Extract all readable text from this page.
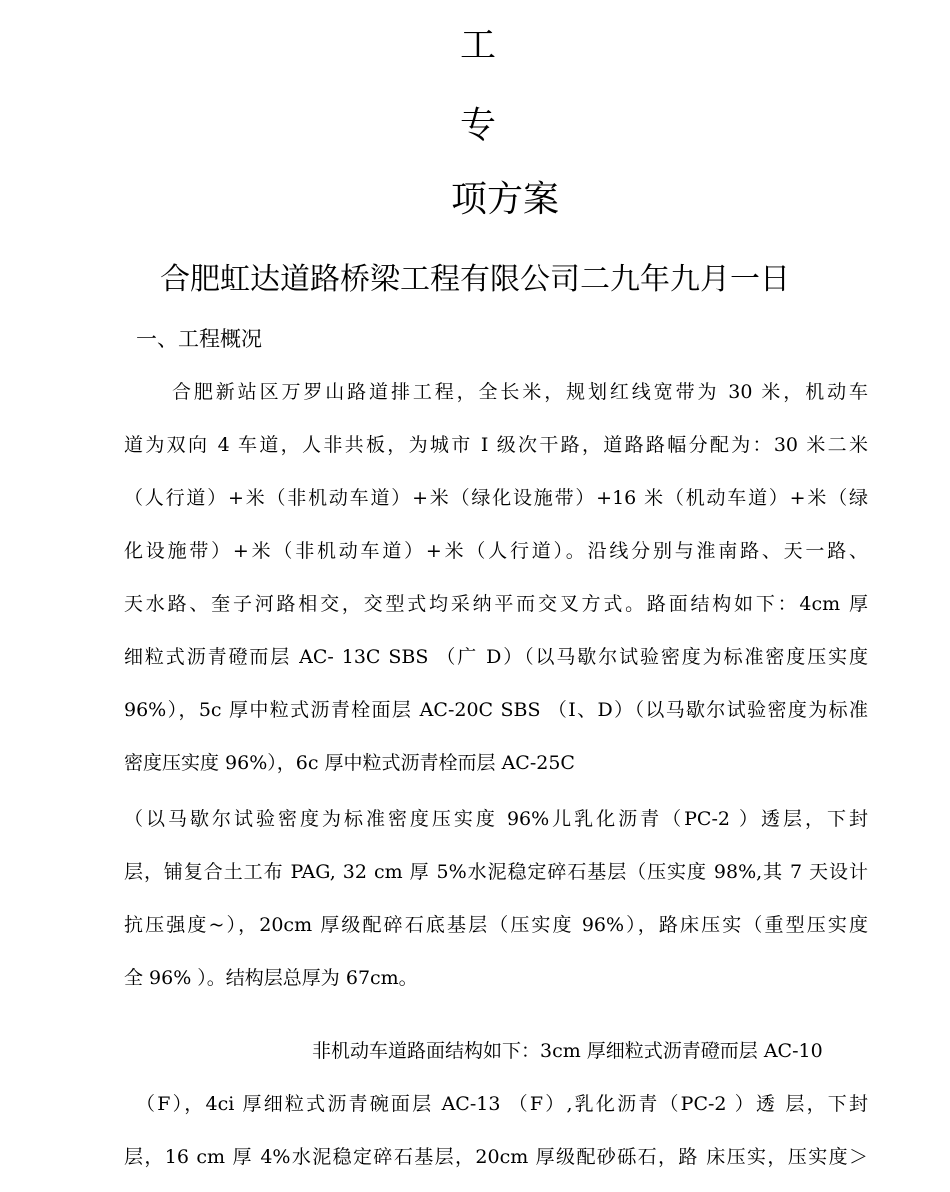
工
专
项方案
合肥虹达道路桥梁工程有限公司二九年九月一日
一、工程概况
合肥新站区万罗山路道排工程，全长米，规划红线宽带为 30 米，机动车
道为双向 4 车道，人非共板，为城市 I 级次干路，道路路幅分配为：30 米二米
（人行道）+米（非机动车道）+米（绿化设施带）+16 米（机动车道）+米（绿
化设施带）+米（非机动车道）+米（人行道）。沿线分别与淮南路、天一路、
天水路、奎子河路相交，交型式均采纳平而交叉方式。路面结构如下：4cm 厚
细粒式沥青磴而层 AC- 13C SBS （广 D）（以马歇尔试验密度为标准密度压实度
96%），5c 厚中粒式沥青栓面层 AC-20C SBS （I、D）（以马歇尔试验密度为标准
密度压实度 96%），6c 厚中粒式沥青栓而层 AC-25C
（以马歇尔试验密度为标准密度压实度 96%儿乳化沥青（PC-2 ）透层，下封
层，铺复合土工布 PAG, 32 cm 厚 5%水泥稳定碎石基层（压实度 98%,其 7 天设计
抗压强度~），20cm 厚级配碎石底基层（压实度 96%），路床压实（重型压实度
全 96% ）。结构层总厚为 67cm。
非机动车道路面结构如下：3cm 厚细粒式沥青磴而层 AC-10
（F），4ci 厚细粒式沥青碗面层 AC-13 （F）,乳化沥青（PC-2 ）透 层，下封
层，16 cm 厚 4%水泥稳定碎石基层，20cm 厚级配砂砾石，路 床压实，压实度＞
